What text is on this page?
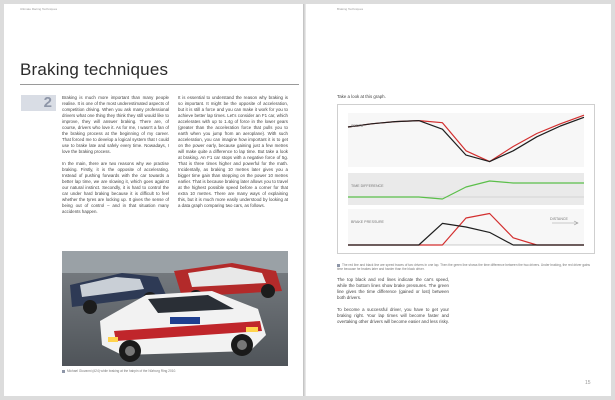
Ultimate Racing Techniques	Braking Techniques
Braking techniques
2	Braking is much more important than many people realise. It is one of the most underestimated aspects of competition driving. When you ask many professional drivers what one thing they think they still would like to improve, they will answer braking. There are, of course, drivers who love it. As for me, I wasn't a fan of the braking process at the beginning of my career. That forced me to develop a logical system that I could use to brake late and safely every time. Nowadays, I love the braking process.

In the main, there are two reasons why we practise braking. Firstly, it is the opposite of accelerating. Instead of pushing forwards with the car towards a better lap time, we are slowing it, which goes against our natural instinct. Secondly, it is hard to control the car under hard braking because it is difficult to feel whether the tyres are locking up. It gives the sense of being out of control – and in that situation many accidents happen.

It is essential to understand the reason why braking is so important. It might be the opposite of acceleration, but it is still a force and you can make it work for you to achieve better lap times. Let's consider an F1 car, which accelerates with up to 1.4g of force in the lower gears (greater than the acceleration force that pulls you to earth when you jump from an aeroplane). With such acceleration, you can imagine how important it is to get on the power early, because gaining just a few metres will make quite a difference to lap time. But take a look at braking. An F1 car stops with a negative force of 5g. That is three times higher and powerful for the math. Incidentally, as braking 10 metres later gives you a bigger time gain than stepping on the power 10 metres earlier. That is because braking later allows you to travel at the highest possible speed before a corner for that extra 10 metres. There are many ways of explaining this, but it is much more easily understood by looking at a data graph comparing two cars, as follows.

Michael Giovanni (#24) while braking at the hairpin of the Nürburg Ring 2010.
Take a look at this graph.
SPEED
TIME DIFFERENCE
BRAKE PRESSURE
DISTANCE
The red line and black line are speed traces of two drivers in one lap. Then the green line shows the time difference between the two drivers. Under braking, the red driver gains time because he brakes later and harder than the black driver.

The top black and red lines indicate the car's speed, while the bottom lines show brake pressures. The green line gives the time difference (gained or lost) between both drivers.

To become a successful driver, you have to get your braking right. Your lap times will become faster and overtaking other drivers will become easier and less risky.

15
